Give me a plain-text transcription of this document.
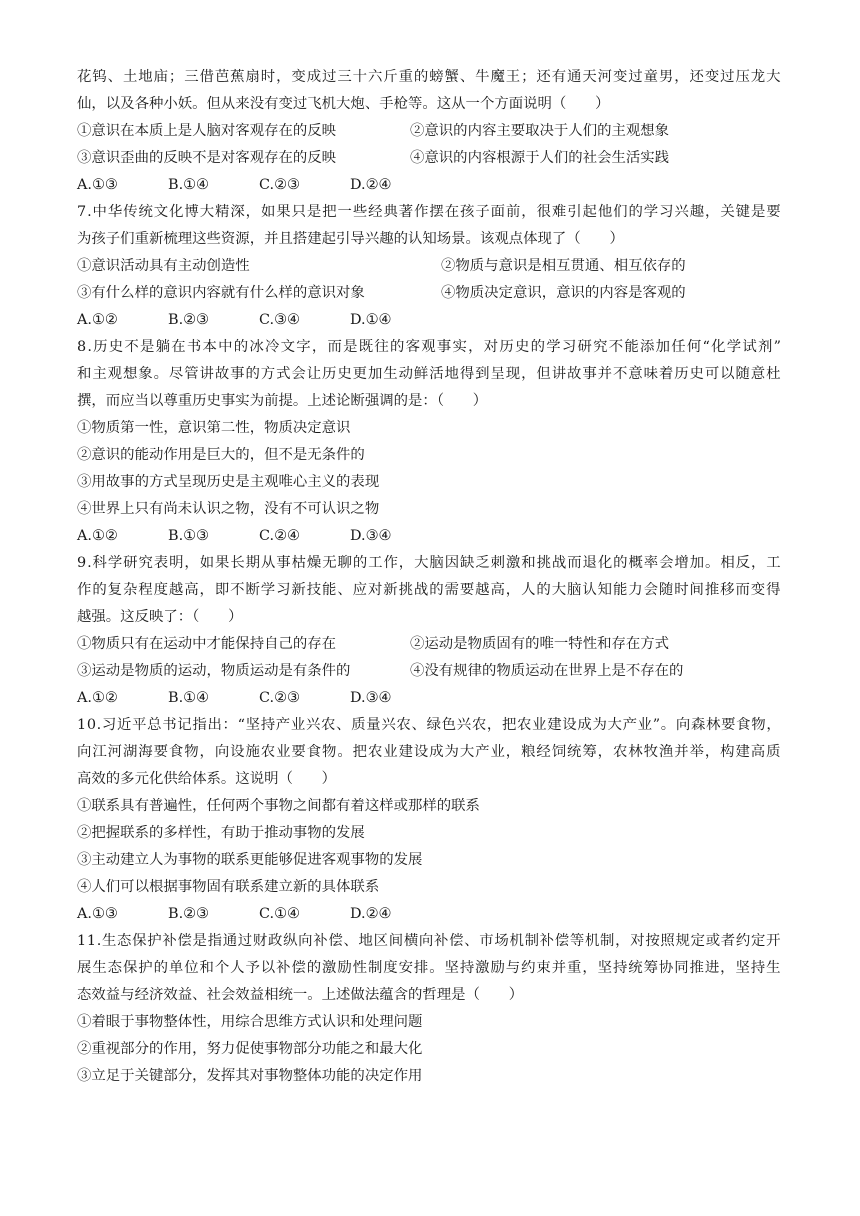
花 钨 、 土 地 庙 ； 三 借 芭 蕉 扇 时 ， 变 成 过 三 十 六 斤 重 的 螃 蟹 、 牛 魔 王 ； 还 有 通 天 河 变 过 童 男 ， 还 变 过 压 龙 大
仙，以及各种小妖。但从来没有变过飞机大炮、手枪等。这从一个方面说明（　　）
①意识在本质上是人脑对客观存在的反映	②意识的内容主要取决于人们的主观想象
③意识歪曲的反映不是对客观存在的反映	④意识的内容根源于人们的社会生活实践
A.①③	B.①④	C.②③	D.②④
7 . 中 华 传 统 文 化 博 大 精 深 ， 如 果 只 是 把 一 些 经 典 著 作 摆 在 孩 子 面 前 ， 很 难 引 起 他 们 的 学 习 兴 趣 ， 关 键 是 要
为孩子们重新梳理这些资源，并且搭建起引导兴趣的认知场景。该观点体现了（　　）
①意识活动具有主动创造性	②物质与意识是相互贯通、相互依存的
③有什么样的意识内容就有什么样的意识对象	④物质决定意识，意识的内容是客观的
A.①②	B.②③	C.③④	D.①④
8 . 历 史 不 是 躺 在 书 本 中 的 冰 冷 文 字 ， 而 是 既 往 的 客 观 事 实 ， 对 历 史 的 学 习 研 究 不 能 添 加 任 何 “ 化 学 试 剂 ”
和 主 观 想 象 。 尽 管 讲 故 事 的 方 式 会 让 历 史 更 加 生 动 鲜 活 地 得 到 呈 现 ， 但 讲 故 事 并 不 意 味 着 历 史 可 以 随 意 杜
撰，而应当以尊重历史事实为前提。上述论断强调的是：（　　）
①物质第一性，意识第二性，物质决定意识
②意识的能动作用是巨大的，但不是无条件的
③用故事的方式呈现历史是主观唯心主义的表现
④世界上只有尚未认识之物，没有不可认识之物
A.①②	B.①③	C.②④	D.③④
9 . 科 学 研 究 表 明 ， 如 果 长 期 从 事 枯 燥 无 聊 的 工 作 ， 大 脑 因 缺 乏 刺 激 和 挑 战 而 退 化 的 概 率 会 增 加 。 相 反 ， 工
作 的 复 杂 程 度 越 高 ， 即 不 断 学 习 新 技 能 、 应 对 新 挑 战 的 需 要 越 高 ， 人 的 大 脑 认 知 能 力 会 随 时 间 推 移 而 变 得
越强。这反映了：（　　）
①物质只有在运动中才能保持自己的存在	②运动是物质固有的唯一特性和存在方式
③运动是物质的运动，物质运动是有条件的	④没有规律的物质运动在世界上是不存在的
A.①②	B.①④	C.②③	D.③④
1 0 . 习 近 平 总 书 记 指 出 ： “ 坚 持 产 业 兴 农 、 质 量 兴 农 、 绿 色 兴 农 ， 把 农 业 建 设 成 为 大 产 业 ” 。 向 森 林 要 食 物 ，
向 江 河 湖 海 要 食 物 ， 向 设 施 农 业 要 食 物 。 把 农 业 建 设 成 为 大 产 业 ， 粮 经 饲 统 筹 ， 农 林 牧 渔 并 举 ， 构 建 高 质
高效的多元化供给体系。这说明（　　）
①联系具有普遍性，任何两个事物之间都有着这样或那样的联系
②把握联系的多样性，有助于推动事物的发展
③主动建立人为事物的联系更能够促进客观事物的发展
④人们可以根据事物固有联系建立新的具体联系
A.①③	B.②③	C.①④	D.②④
1 1 . 生 态 保 护 补 偿 是 指 通 过 财 政 纵 向 补 偿 、 地 区 间 横 向 补 偿 、 市 场 机 制 补 偿 等 机 制 ， 对 按 照 规 定 或 者 约 定 开
展 生 态 保 护 的 单 位 和 个 人 予 以 补 偿 的 激 励 性 制 度 安 排 。 坚 持 激 励 与 约 束 并 重 ， 坚 持 统 筹 协 同 推 进 ， 坚 持 生
态效益与经济效益、社会效益相统一。上述做法蕴含的哲理是（　　）
①着眼于事物整体性，用综合思维方式认识和处理问题
②重视部分的作用，努力促使事物部分功能之和最大化
③立足于关键部分，发挥其对事物整体功能的决定作用
